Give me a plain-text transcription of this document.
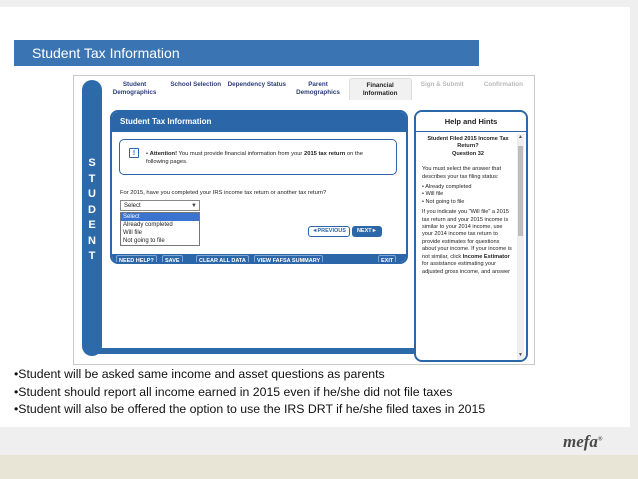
Student Tax Information
S
T
U
D
E
N
T
Student Demographics
School Selection	Dependency Status	Parent Demographics
Financial Information
Sign & Submit	Confirmation
Student Tax Information
!	• Attention! You must provide financial information from your 2015 tax return on the following pages.
For 2015, have you completed your IRS income tax return or another tax return?
Select	▼
Select
Already completed
Will file
Not going to file
◄PREVIOUS	NEXT►
NEED HELP?	SAVE	CLEAR ALL DATA	VIEW FAFSA SUMMARY	EXIT
Help and Hints
Student Filed 2015 Income Tax Return?
Question 32
You must select the answer that describes your tax filing status:
• Already completed
• Will file
• Not going to file
If you indicate you "Will file" a 2015 tax return and your 2015 income is similar to your 2014 income, use your 2014 income tax return to provide estimates for questions about your income. If your income is not similar, click Income Estimator for assistance estimating your adjusted gross income, and answer
▲
▼
•Student will be asked same income and asset questions as parents
•Student should report all income earned in 2015 even if he/she did not file taxes
•Student will also be offered the option to use the IRS DRT if he/she filed taxes in 2015
mefa®
